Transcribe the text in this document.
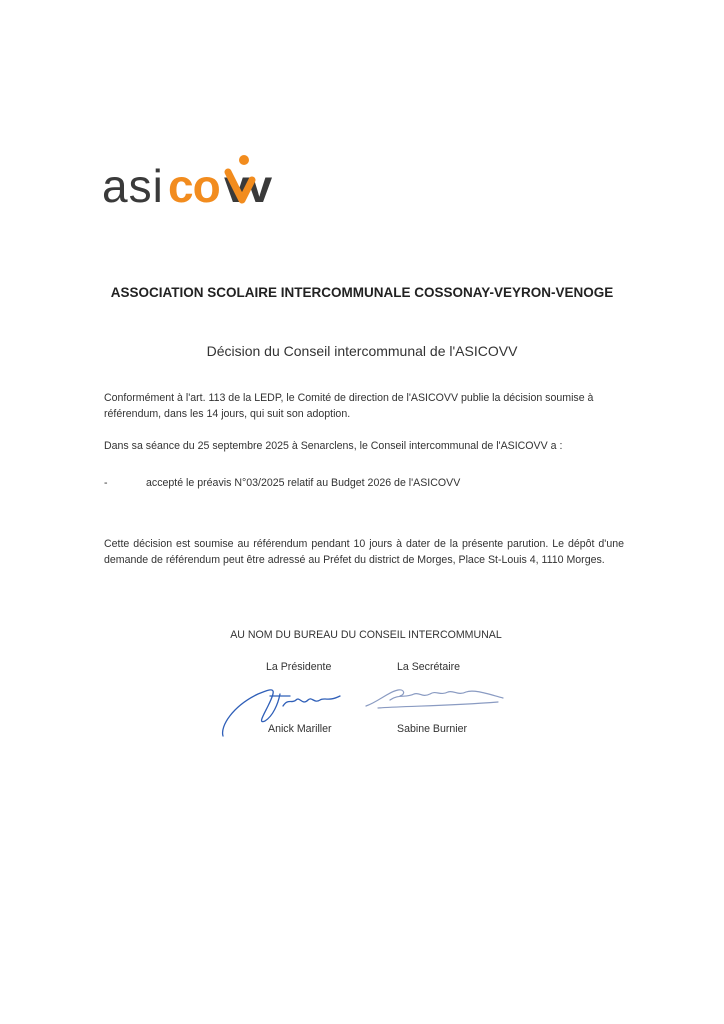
asi co vv
ASSOCIATION SCOLAIRE INTERCOMMUNALE COSSONAY-VEYRON-VENOGE
Décision du Conseil intercommunal de l'ASICOVV
Conformément à l'art. 113 de la LEDP, le Comité de direction de l'ASICOVV publie la décision soumise à référendum, dans les 14 jours, qui suit son adoption.
Dans sa séance du 25 septembre 2025 à Senarclens, le Conseil intercommunal de l'ASICOVV a :
-	accepté le préavis N°03/2025 relatif au Budget 2026 de l'ASICOVV
Cette décision est soumise au référendum pendant 10 jours à dater de la présente parution. Le dépôt d'une demande de référendum peut être adressé au Préfet du district de Morges, Place St-Louis 4, 1110 Morges.
AU NOM DU BUREAU DU CONSEIL INTERCOMMUNAL
La Présidente	La Secrétaire
Anick Mariller	Sabine Burnier
